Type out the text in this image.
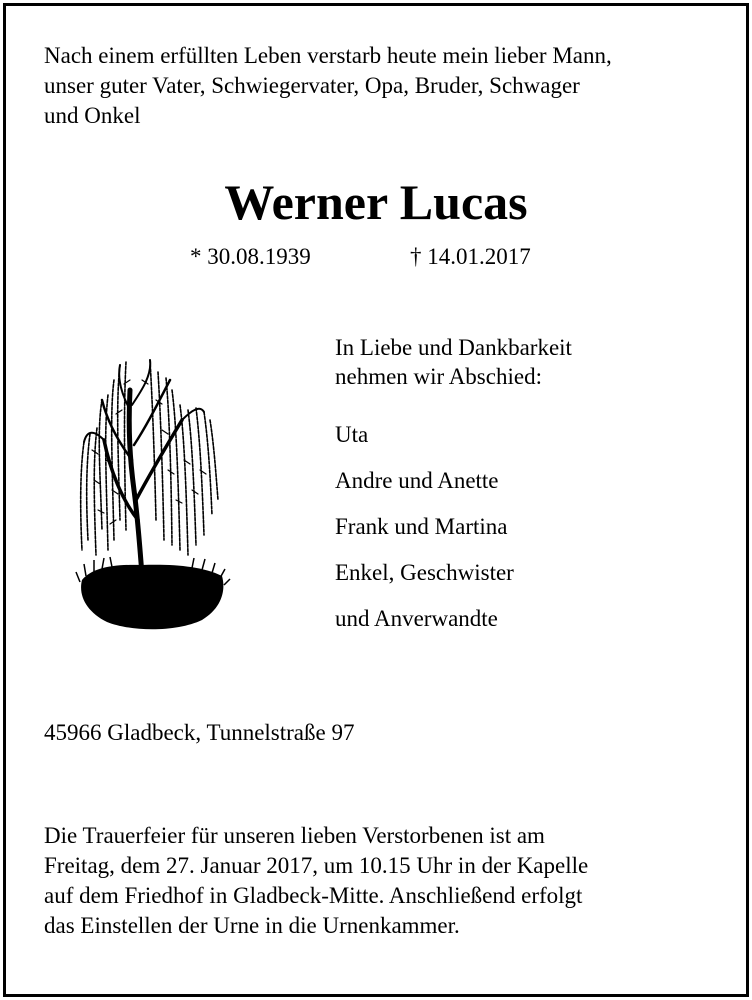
Nach einem erfüllten Leben verstarb heute mein lieber Mann,
unser guter Vater, Schwiegervater, Opa, Bruder, Schwager
und Onkel
Werner Lucas
* 30.08.1939	† 14.01.2017
In Liebe und Dankbarkeit
nehmen wir Abschied:
Uta
Andre und Anette
Frank und Martina
Enkel, Geschwister
und Anverwandte
45966 Gladbeck, Tunnelstraße 97
Die Trauerfeier für unseren lieben Verstorbenen ist am
Freitag, dem 27. Januar 2017, um 10.15 Uhr in der Kapelle
auf dem Friedhof in Gladbeck-Mitte. Anschließend erfolgt
das Einstellen der Urne in die Urnenkammer.
